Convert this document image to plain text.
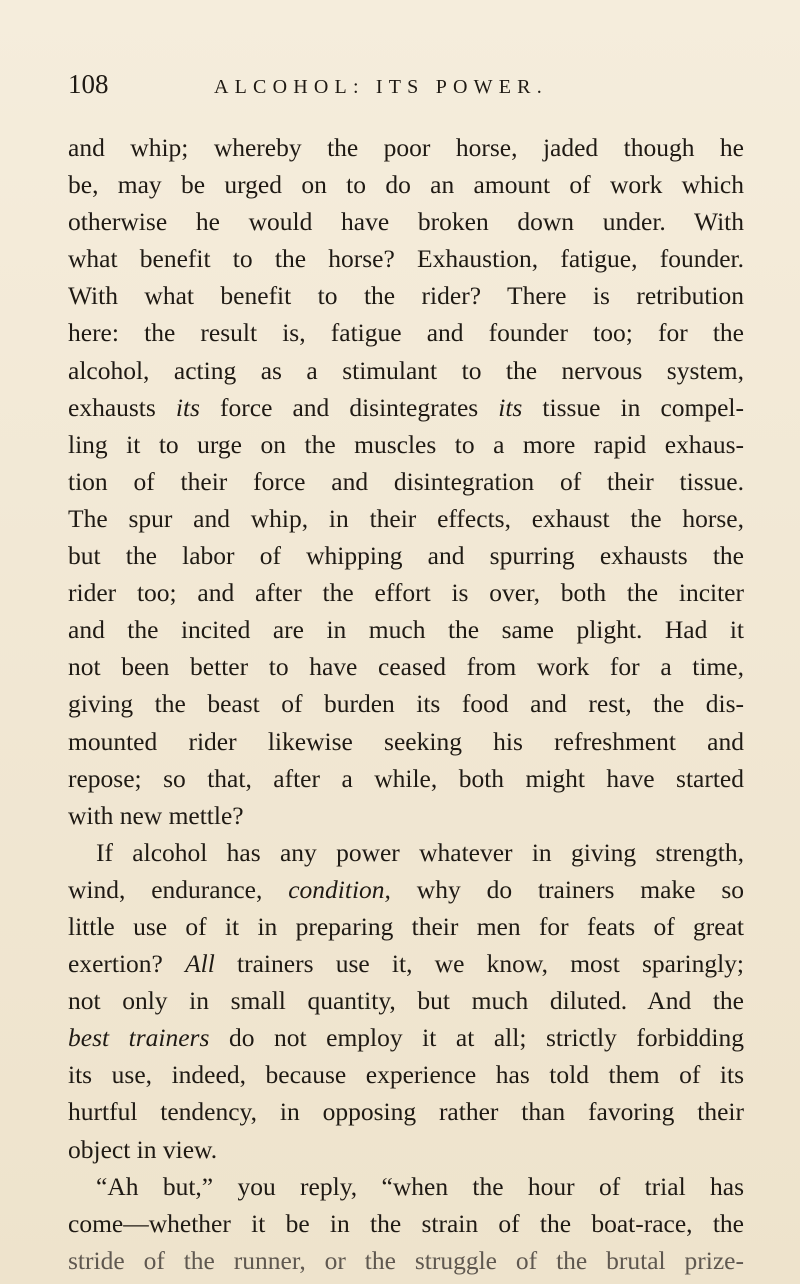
108	ALCOHOL: ITS POWER.
and whip; whereby the poor horse, jaded though he
be, may be urged on to do an amount of work which
otherwise he would have broken down under. With
what benefit to the horse? Exhaustion, fatigue, founder.
With what benefit to the rider? There is retribution
here: the result is, fatigue and founder too; for the
alcohol, acting as a stimulant to the nervous system,
exhausts its force and disintegrates its tissue in compel-
ling it to urge on the muscles to a more rapid exhaus-
tion of their force and disintegration of their tissue.
The spur and whip, in their effects, exhaust the horse,
but the labor of whipping and spurring exhausts the
rider too; and after the effort is over, both the inciter
and the incited are in much the same plight. Had it
not been better to have ceased from work for a time,
giving the beast of burden its food and rest, the dis-
mounted rider likewise seeking his refreshment and
repose; so that, after a while, both might have started
with new mettle?
If alcohol has any power whatever in giving strength,
wind, endurance, condition, why do trainers make so
little use of it in preparing their men for feats of great
exertion? All trainers use it, we know, most sparingly;
not only in small quantity, but much diluted. And the
best trainers do not employ it at all; strictly forbidding
its use, indeed, because experience has told them of its
hurtful tendency, in opposing rather than favoring their
object in view.
“Ah but,” you reply, “when the hour of trial has
come—whether it be in the strain of the boat-race, the
stride of the runner, or the struggle of the brutal prize-
